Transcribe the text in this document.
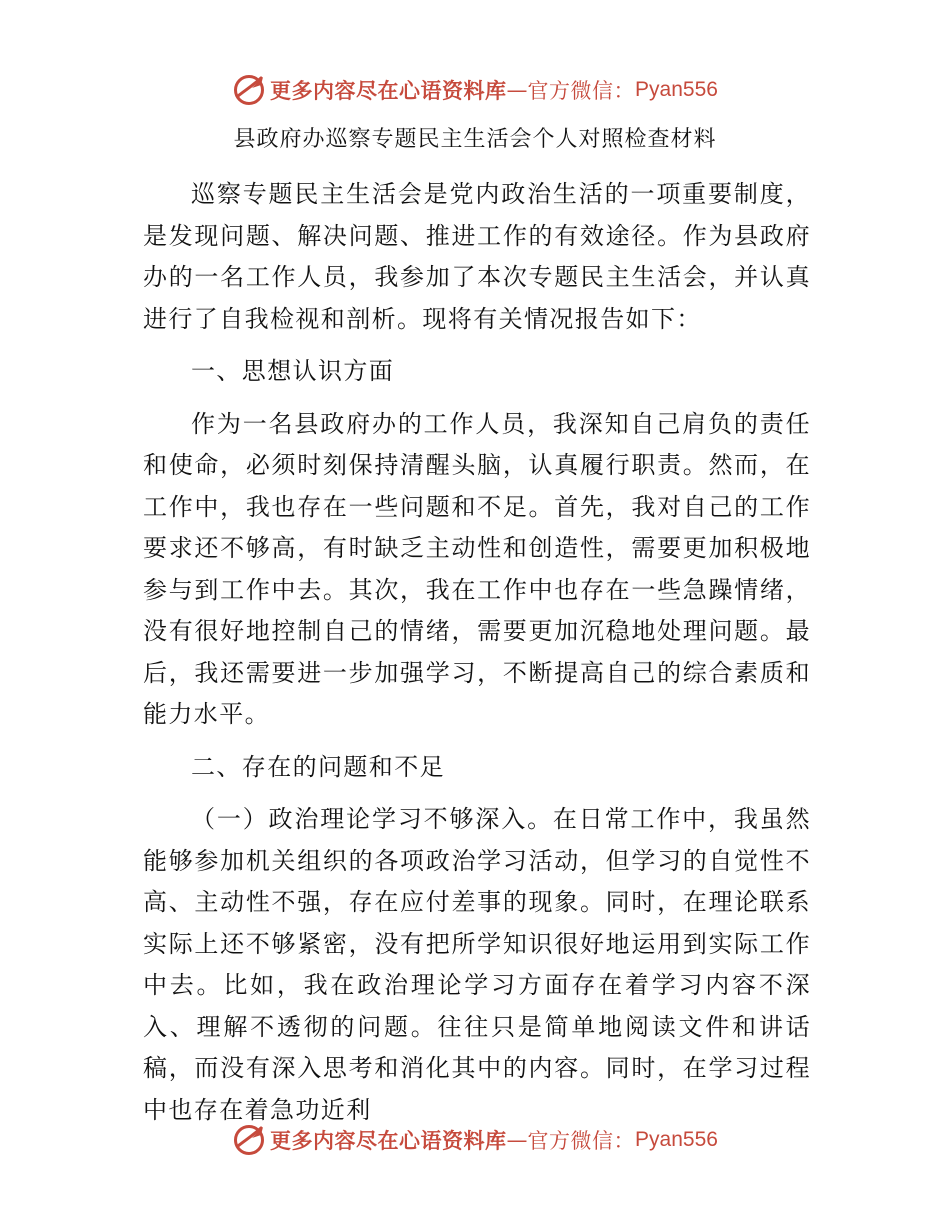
更多内容尽在心语资料库 — 官方微信： Pyan556
县政府办巡察专题民主生活会个人对照检查材料

巡察专题民主生活会是党内政治生活的一项重要制度，是发现问题、解决问题、推进工作的有效途径。作为县政府办的一名工作人员，我参加了本次专题民主生活会，并认真进行了自我检视和剖析。现将有关情况报告如下：

一、思想认识方面

作为一名县政府办的工作人员，我深知自己肩负的责任和使命，必须时刻保持清醒头脑，认真履行职责。然而，在工作中，我也存在一些问题和不足。首先，我对自己的工作要求还不够高，有时缺乏主动性和创造性，需要更加积极地参与到工作中去。其次，我在工作中也存在一些急躁情绪，没有很好地控制自己的情绪，需要更加沉稳地处理问题。最后，我还需要进一步加强学习，不断提高自己的综合素质和能力水平。

二、存在的问题和不足

（一）政治理论学习不够深入。在日常工作中，我虽然能够参加机关组织的各项政治学习活动，但学习的自觉性不高、主动性不强，存在应付差事的现象。同时，在理论联系实际上还不够紧密，没有把所学知识很好地运用到实际工作中去。比如，我在政治理论学习方面存在着学习内容不深入、理解不透彻的问题。往往只是简单地阅读文件和讲话稿，而没有深入思考和消化其中的内容。同时，在学习过程中也存在着急功近利

更多内容尽在心语资料库 — 官方微信： Pyan556
